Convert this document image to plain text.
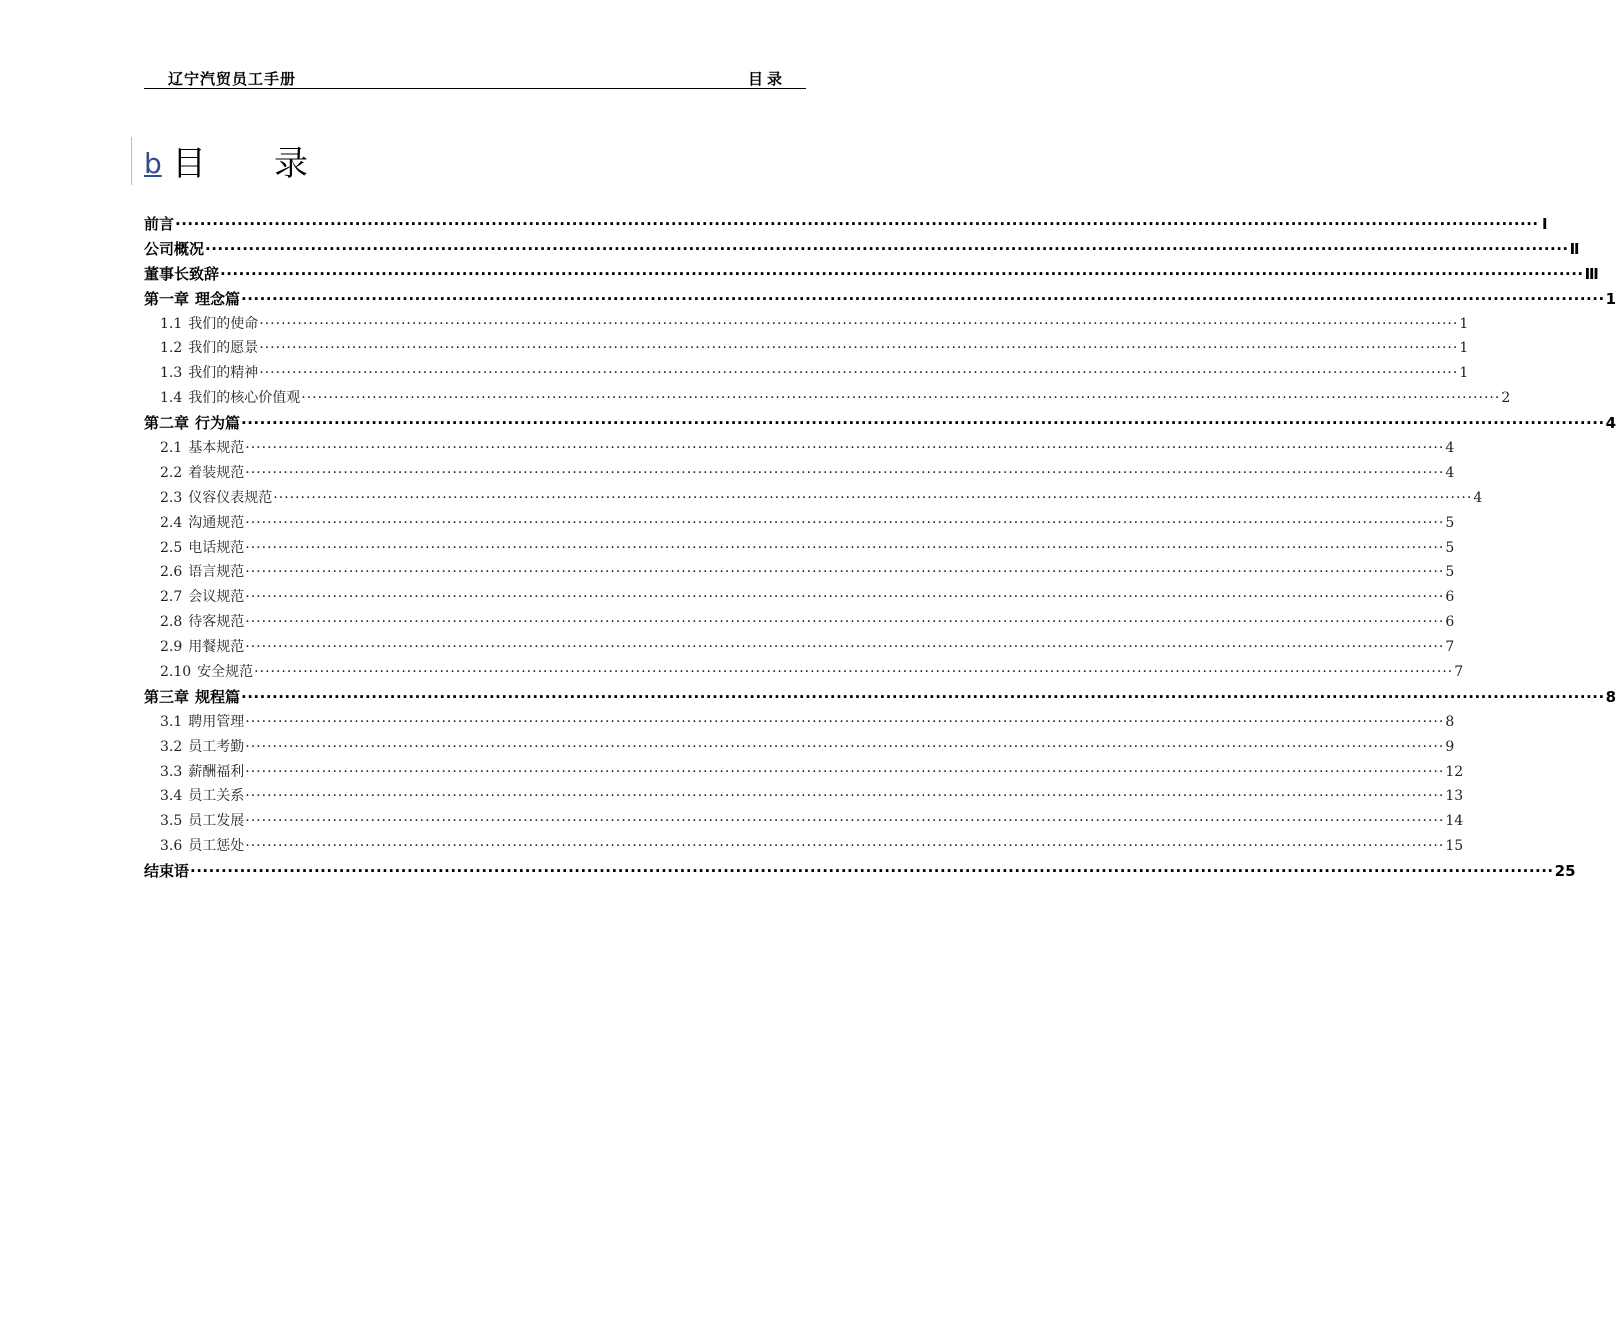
辽宁汽贸员工手册	目录
b 目 录
前言 ···························································································································································································································· Ⅰ
公司概况 ···························································································································································································································· Ⅱ
董事长致辞 ···························································································································································································································· Ⅲ
第一章 理念篇 ···························································································································································································································· 1
1.1 我们的使命 ···························································································································································································································· 1
1.2 我们的愿景 ···························································································································································································································· 1
1.3 我们的精神 ···························································································································································································································· 1
1.4 我们的核心价值观 ···························································································································································································································· 2
第二章 行为篇 ···························································································································································································································· 4
2.1 基本规范 ···························································································································································································································· 4
2.2 着装规范 ···························································································································································································································· 4
2.3 仪容仪表规范 ···························································································································································································································· 4
2.4 沟通规范 ···························································································································································································································· 5
2.5 电话规范 ···························································································································································································································· 5
2.6 语言规范 ···························································································································································································································· 5
2.7 会议规范 ···························································································································································································································· 6
2.8 待客规范 ···························································································································································································································· 6
2.9 用餐规范 ···························································································································································································································· 7
2.10 安全规范 ···························································································································································································································· 7
第三章 规程篇 ···························································································································································································································· 8
3.1 聘用管理 ···························································································································································································································· 8
3.2 员工考勤 ···························································································································································································································· 9
3.3 薪酬福利 ···························································································································································································································· 12
3.4 员工关系 ···························································································································································································································· 13
3.5 员工发展 ···························································································································································································································· 14
3.6 员工惩处 ···························································································································································································································· 15
结束语 ···························································································································································································································· 25
